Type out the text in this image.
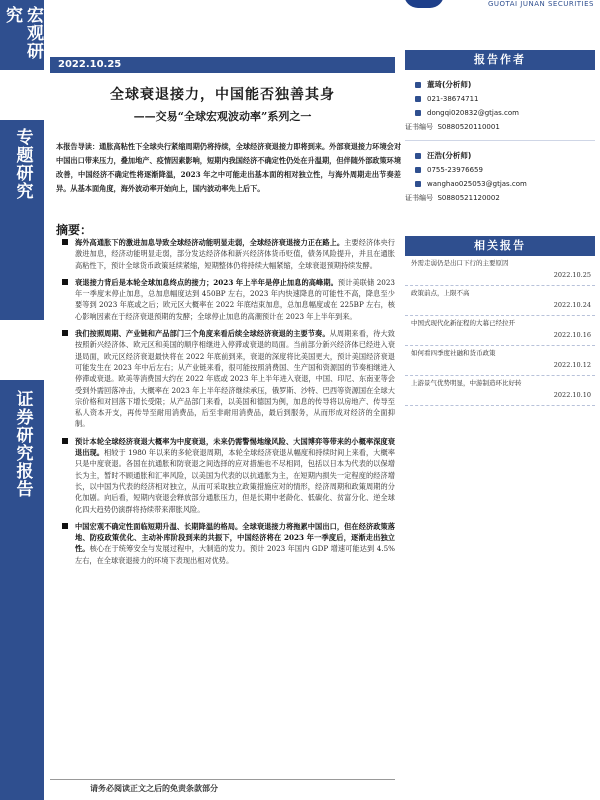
宏观研究
专题研究
证券研究报告
GUOTAI JUNAN SECURITIES
2022.10.25
全球衰退接力，中国能否独善其身
——交易“全球宏观波动率”系列之一
本报告导读：通胀高粘性下全球央行紧缩周期仍将持续，全球经济衰退接力即将到来。外部衰退接力环境会对中国出口带来压力，叠加地产、疫情因素影响，短期内我国经济不确定性仍处在升温期，但伴随外部政策环境改善，中国经济不确定性将逐渐降温，2023 年之中可能走出基本面的相对独立性，与海外周期走出节奏差异。从基本面角度，海外波动率开始向上，国内波动率先上后下。
摘要：
海外高通胀下的激进加息导致全球经济动能明显走弱，全球经济衰退接力正在路上。主要经济体央行激进加息，经济动能明显走弱，部分发达经济体和新兴经济体货币贬值，债务风险提升，并且在通胀高粘性下，预计全球货币政策延续紧缩，短期整体仍将持续大幅紧缩，全球衰退预期持续发酵。
衰退接力背后是本轮全球加息终点的接力；2023 年上半年是停止加息的高峰期。预计美联储 2023 年一季度末停止加息，总加息幅度达到 450BP 左右，2023 年内快速降息的可能性不高，降息至少要等到 2023 年底或之后；欧元区大概率在 2022 年底结束加息，总加息幅度或在 225BP 左右，核心影响因素在于经济衰退预期的发酵；全球停止加息的高潮预计在 2023 年上半年到来。
我们按照周期、产业链和产品部门三个角度来看后续全球经济衰退的主要节奏。从周期来看，待大致按照新兴经济体、欧元区和美国的顺序相继进入停滞或衰退的局面。当前部分新兴经济体已经进入衰退局面，欧元区经济衰退最快将在 2022 年底前到来，衰退的深度将比美国更大，预计美国经济衰退可能发生在 2023 年中后左右；从产业链来看，很可能按照消费国、生产国和资源国的节奏相继进入停滞或衰退。欧美等消费国大约在 2022 年底或 2023 年上半年进入衰退，中国、印尼、东南亚等会受到外需回落冲击，大概率在 2023 年上半年经济继续承压，俄罗斯、沙特、巴西等资源国在全球大宗价格和对回落下增长受限；从产品部门来看，以美国和德国为例，加息的传导将以房地产、传导至私人资本开支，再传导至耐用消费品，后至非耐用消费品，最后到服务，从而形成对经济的全面抑制。
预计本轮全球经济衰退大概率为中度衰退，未来仍需警惕地缘风险、大国博弈等带来的小概率深度衰退出现。相较于 1980 年以来的多轮衰退周期，本轮全球经济衰退从幅度和持续时间上来看，大概率只是中度衰退。各国在抗通胀和防衰退之间选择的应对措施也不尽相同，包括以日本为代表的以保增长为主，暂时不顾通胀和汇率风险，以美国为代表的以抗通胀为主，在短期内损失一定程度的经济增长，以中国为代表的经济相对独立，从而可采取独立政策措施应对的情形，经济周期和政策周期的分化加剧。向后看，短期内衰退会释放部分通胀压力，但是长期中老龄化、低碳化、贫富分化、逆全球化四大趋势仍演群将持续带来滞胀风险。
中国宏观不确定性面临短期升温、长期降温的格局。全球衰退接力将拖累中国出口，但在经济政策落地、防疫政策优化、主动补库阶段到来的共振下，中国经济将在 2023 年一季度后，逐渐走出独立性。核心在于统筹安全与发展过程中，大制造的发力。预计 2023 年国内 GDP 增速可能达到 4.5%左右，在全球衰退接力的环境下表现出相对优势。
请务必阅读正文之后的免责条款部分
报告作者
董琦(分析师)
021-38674711
dongqi020832@gtjas.com
证书编号 S0880520110001
汪浩(分析师)
0755-23976659
wanghao025053@gtjas.com
证书编号 S0880521120002
相关报告
外需走弱仍是出口下行的主要原因
2022.10.25
政策前点，上限不高
2022.10.24
中国式现代化新征程的大幕已经拉开
2022.10.16
如何看四季度社融和货币政策
2022.10.12
上游景气优势明显，中游制造环比好转
2022.10.10
